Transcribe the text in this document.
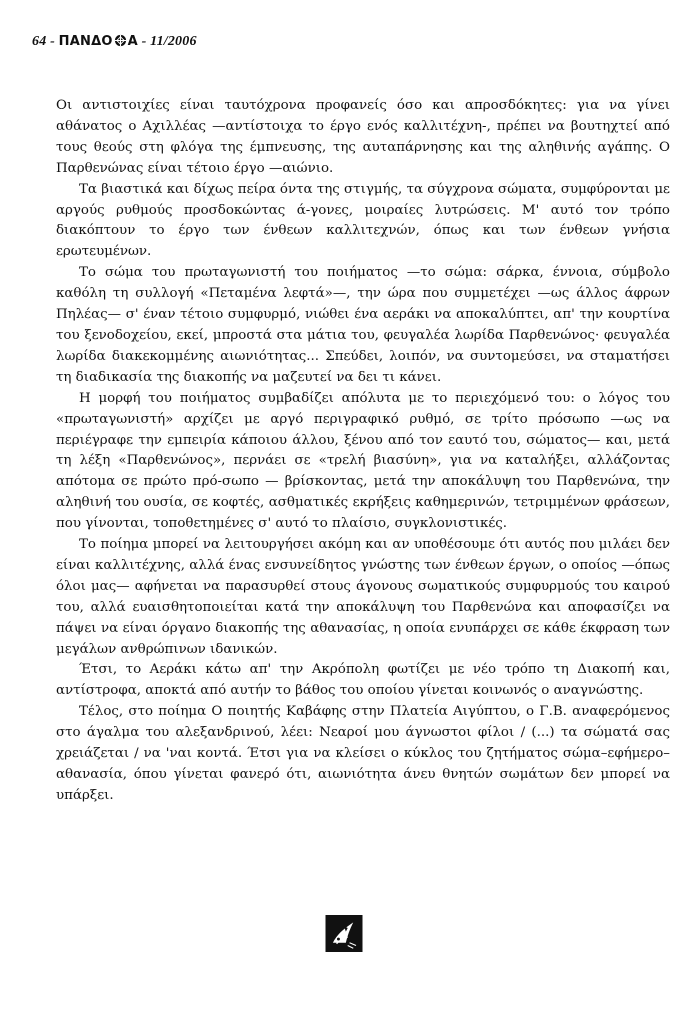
64 - ΠΑΝΔΟ Α - 11/2006

Οι αντιστοιχίες είναι ταυτόχρονα προφανείς όσο και απροσδόκητες: για να γίνει αθάνατος ο Αχιλλέας —αντίστοιχα το έργο ενός καλλιτέχνη-, πρέπει να βουτηχτεί από τους θεούς στη φλόγα της έμπνευσης, της αυταπάρνησης και της αληθινής αγάπης. Ο Παρθενώνας είναι τέτοιο έργο —αιώνιο.

Τα βιαστικά και δίχως πείρα όντα της στιγμής, τα σύγχρονα σώματα, συμφύρονται με αργούς ρυθμούς προσδοκώντας ά-γονες, μοιραίες λυτρώσεις. Μ' αυτό τον τρόπο διακόπτουν το έργο των ένθεων καλλιτεχνών, όπως και των ένθεων γνήσια ερωτευμένων.

Το σώμα του πρωταγωνιστή του ποιήματος —το σώμα: σάρκα, έννοια, σύμβολο καθόλη τη συλλογή «Πεταμένα λεφτά»—, την ώρα που συμμετέχει —ως άλλος άφρων Πηλέας— σ' έναν τέτοιο συμφυρμό, νιώθει ένα αεράκι να αποκαλύπτει, απ' την κουρτίνα του ξενοδοχείου, εκεί, μπροστά στα μάτια του, φευγαλέα λωρίδα Παρθενώνος· φευγαλέα λωρίδα διακεκομμένης αιωνιότητας... Σπεύδει, λοιπόν, να συντομεύσει, να σταματήσει τη διαδικασία της διακοπής να μαζευτεί να δει τι κάνει.

Η μορφή του ποιήματος συμβαδίζει απόλυτα με το περιεχόμενό του: ο λόγος του «πρωταγωνιστή» αρχίζει με αργό περιγραφικό ρυθμό, σε τρίτο πρόσωπο —ως να περιέγραφε την εμπειρία κάποιου άλλου, ξένου από τον εαυτό του, σώματος— και, μετά τη λέξη «Παρθενώνος», περνάει σε «τρελή βιασύνη», για να καταλήξει, αλλάζοντας απότομα σε πρώτο πρό-σωπο — βρίσκοντας, μετά την αποκάλυψη του Παρθενώνα, την αληθινή του ουσία, σε κοφτές, ασθματικές εκρήξεις καθημερινών, τετριμμένων φράσεων, που γίνονται, τοποθετημένες σ' αυτό το πλαίσιο, συγκλονιστικές.

Το ποίημα μπορεί να λειτουργήσει ακόμη και αν υποθέσουμε ότι αυτός που μιλάει δεν είναι καλλιτέχνης, αλλά ένας ενσυνείδητος γνώστης των ένθεων έργων, ο οποίος —όπως όλοι μας— αφήνεται να παρασυρθεί στους άγονους σωματικούς συμφυρμούς του καιρού του, αλλά ευαισθητοποιείται κατά την αποκάλυψη του Παρθενώνα και αποφασίζει να πάψει να είναι όργανο διακοπής της αθανασίας, η οποία ενυπάρχει σε κάθε έκφραση των μεγάλων ανθρώπινων ιδανικών.

Έτσι, το Αεράκι κάτω απ' την Ακρόπολη φωτίζει με νέο τρόπο τη Διακοπή και, αντίστροφα, αποκτά από αυτήν το βάθος του οποίου γίνεται κοινωνός ο αναγνώστης.

Τέλος, στο ποίημα Ο ποιητής Καβάφης στην Πλατεία Αιγύπτου, ο Γ.Β. αναφερόμενος στο άγαλμα του αλεξανδρινού, λέει: Νεαροί μου άγνωστοι φίλοι / (...) τα σώματά σας χρειάζεται / να 'ναι κοντά. Έτσι για να κλείσει ο κύκλος του ζητήματος σώμα–εφήμερο–αθανασία, όπου γίνεται φανερό ότι, αιωνιότητα άνευ θνητών σωμάτων δεν μπορεί να υπάρξει.
